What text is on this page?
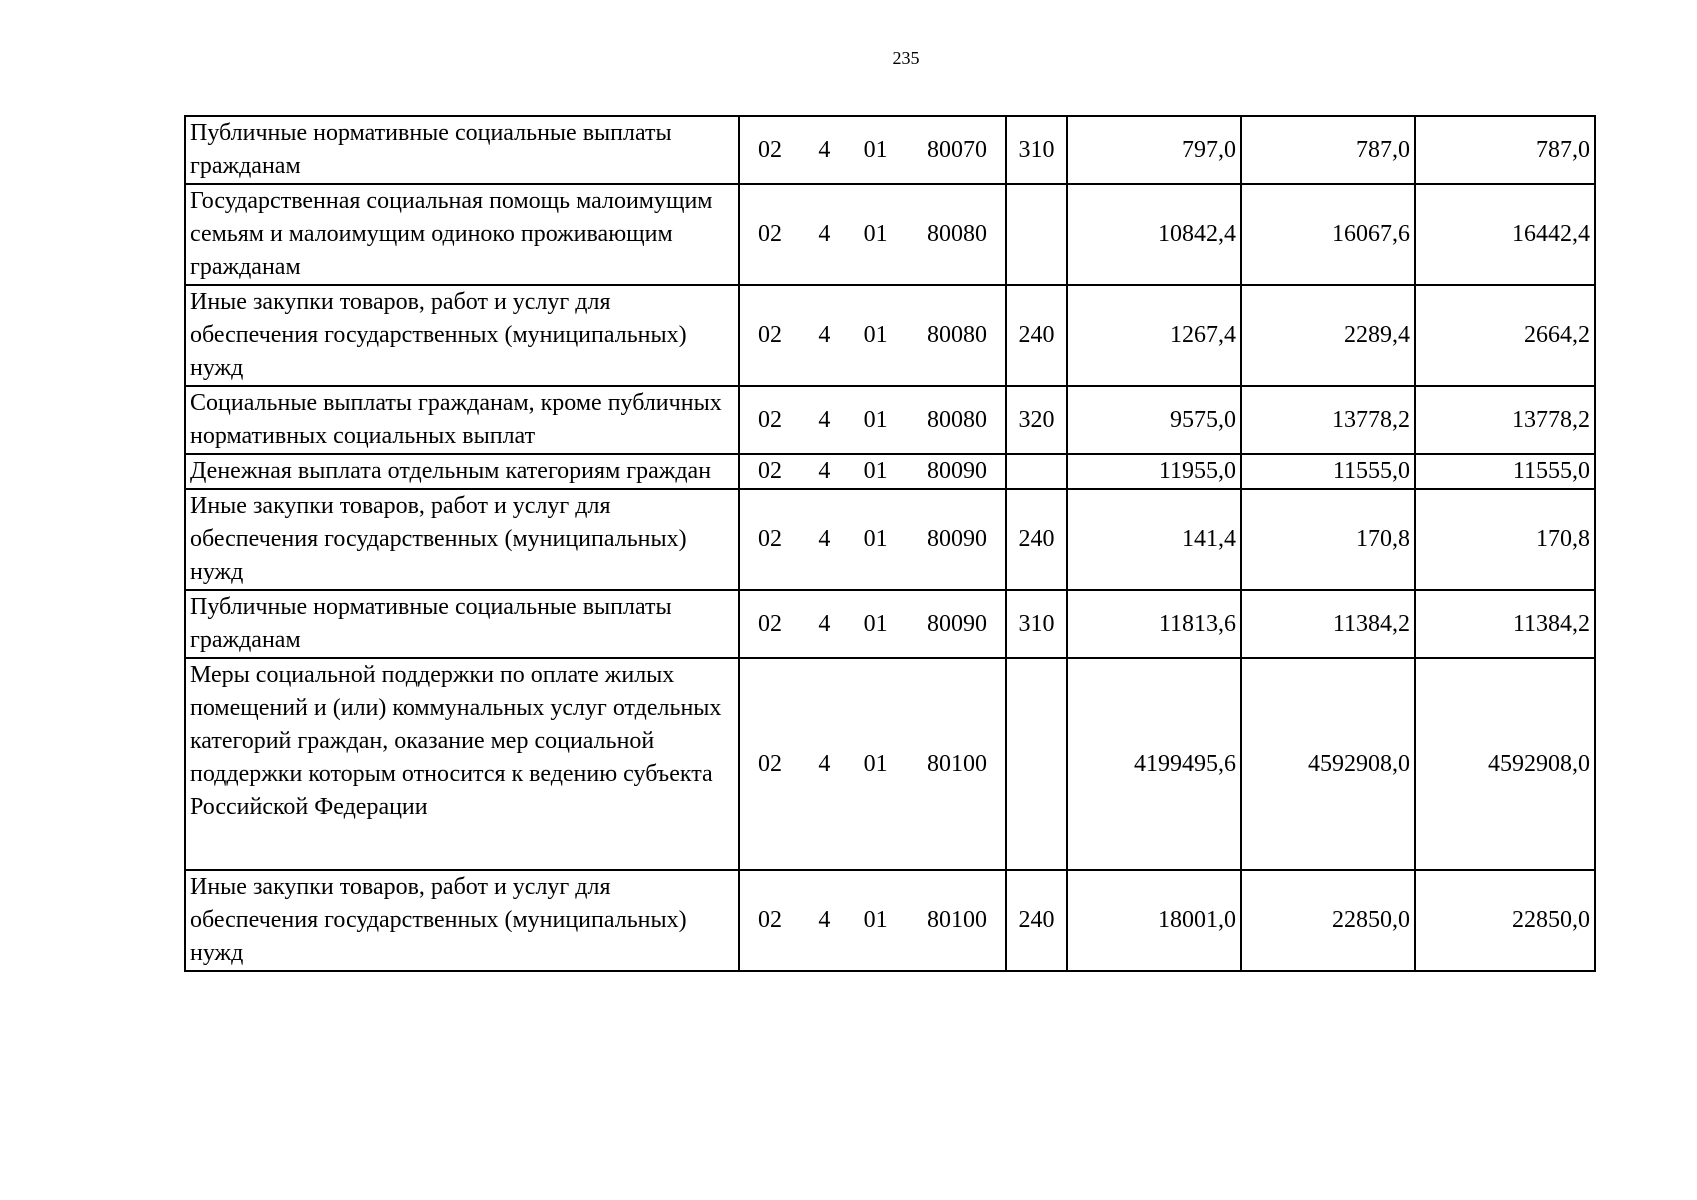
235
Публичные нормативные социальные выплаты гражданам	02 4 01 80070	310	797,0	787,0	787,0
Государственная социальная помощь малоимущим семьям и малоимущим одиноко проживающим гражданам	02 4 01 80080		10842,4	16067,6	16442,4
Иные закупки товаров, работ и услуг для обеспечения государственных (муниципальных) нужд	02 4 01 80080	240	1267,4	2289,4	2664,2
Социальные выплаты гражданам, кроме публичных нормативных социальных выплат	02 4 01 80080	320	9575,0	13778,2	13778,2
Денежная выплата отдельным категориям граждан	02 4 01 80090		11955,0	11555,0	11555,0
Иные закупки товаров, работ и услуг для обеспечения государственных (муниципальных) нужд	02 4 01 80090	240	141,4	170,8	170,8
Публичные нормативные социальные выплаты гражданам	02 4 01 80090	310	11813,6	11384,2	11384,2
Меры социальной поддержки по оплате жилых помещений и (или) коммунальных услуг отдельных категорий граждан, оказание мер социальной поддержки которым относится к ведению субъекта Российской Федерации	02 4 01 80100		4199495,6	4592908,0	4592908,0
Иные закупки товаров, работ и услуг для обеспечения государственных (муниципальных) нужд	02 4 01 80100	240	18001,0	22850,0	22850,0
